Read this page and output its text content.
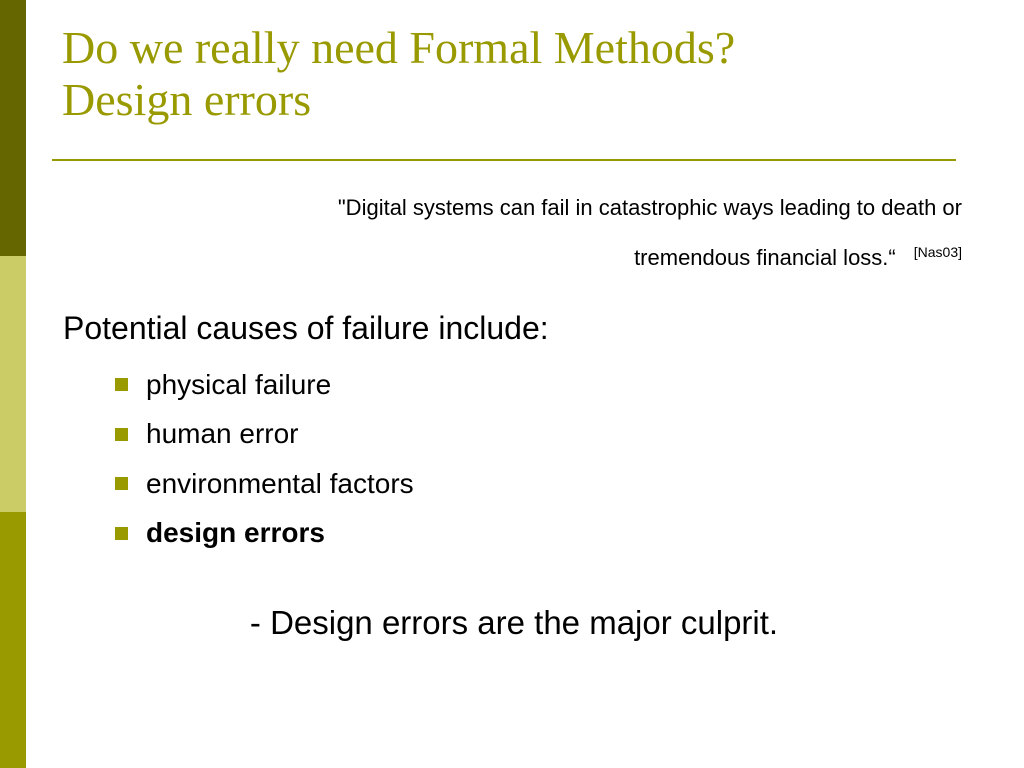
Do we really need Formal Methods?
Design errors
"Digital systems can fail in catastrophic ways leading to death or
tremendous financial loss.“ [Nas03]

Potential causes of failure include:

physical failure
human error
environmental factors
design errors

- Design errors are the major culprit.
